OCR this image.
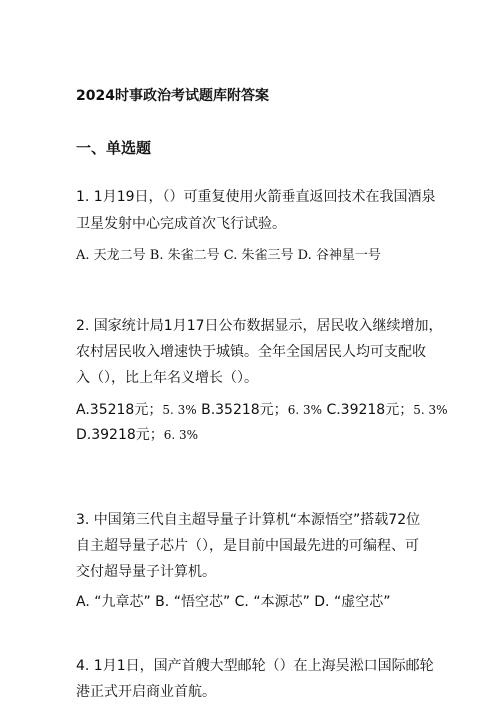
2024时事政治考试题库附答案
一、单选题
1. 1月19日，（）可重复使用火箭垂直返回技术在我国酒泉
卫星发射中心完成首次飞行试验。
A. 天龙二号 B. 朱雀二号 C. 朱雀三号 D. 谷神星一号
2. 国家统计局1月17日公布数据显示，居民收入继续增加，
农村居民收入增速快于城镇。全年全国居民人均可支配收
入（），比上年名义增长（）。
A.35218元；5. 3% B.35218元；6. 3% C.39218元；5. 3%
D.39218元；6. 3%
3. 中国第三代自主超导量子计算机“本源悟空”搭载72位
自主超导量子芯片（），是目前中国最先进的可编程、可
交付超导量子计算机。
A. “九章芯” B. “悟空芯” C. “本源芯” D. “虚空芯”
4. 1月1日，国产首艘大型邮轮（）在上海吴淞口国际邮轮
港正式开启商业首航。
